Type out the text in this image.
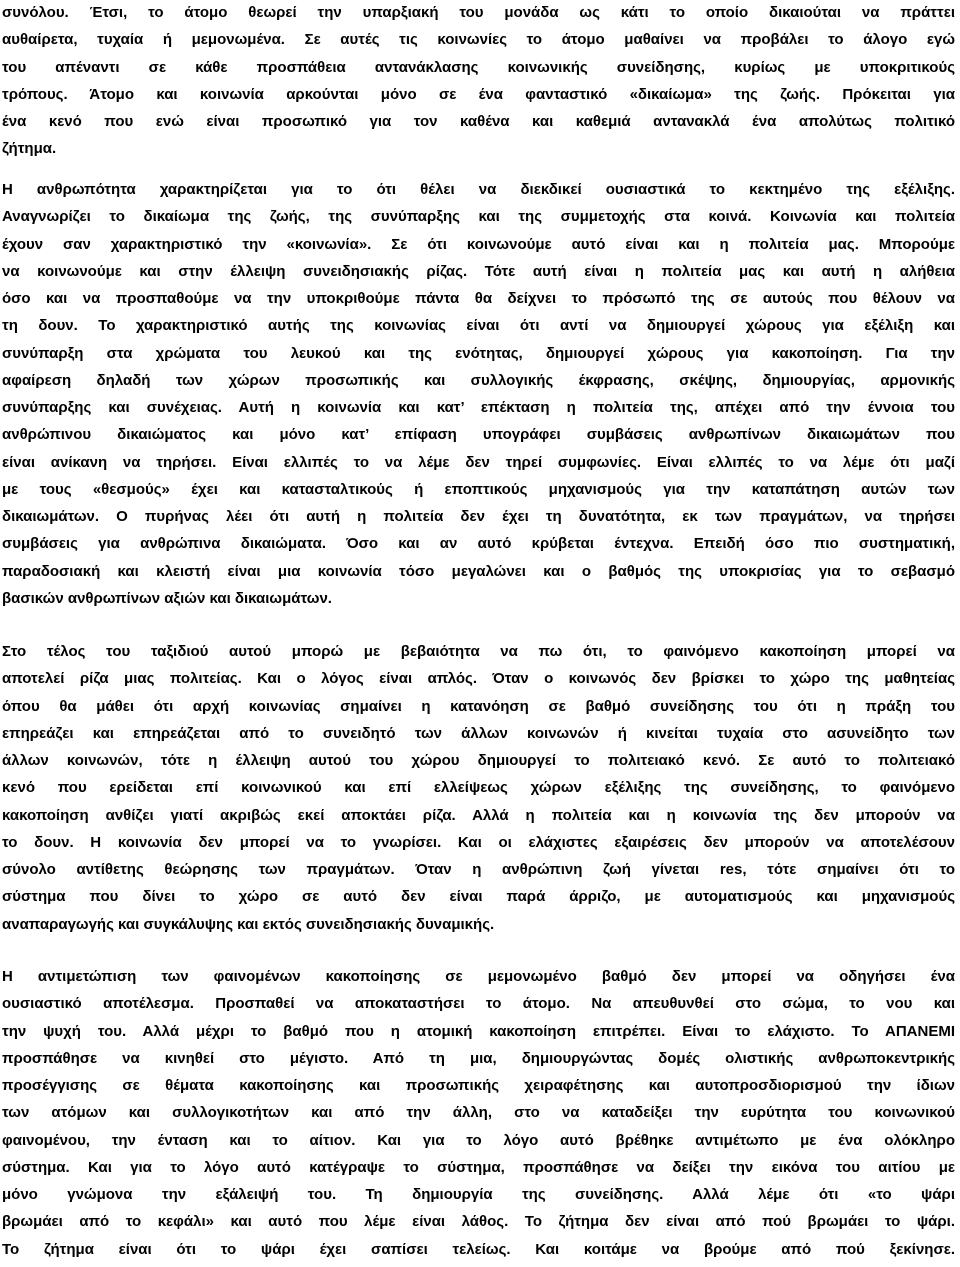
συνόλου. Έτσι, το άτομο θεωρεί την υπαρξιακή του μονάδα ως κάτι το οποίο δικαιούται να πράττει
αυθαίρετα, τυχαία ή μεμονωμένα. Σε αυτές τις κοινωνίες το άτομο μαθαίνει να προβάλει το άλογο εγώ
του απέναντι σε κάθε προσπάθεια αντανάκλασης κοινωνικής συνείδησης, κυρίως με υποκριτικούς
τρόπους. Άτομο και κοινωνία αρκούνται μόνο σε ένα φανταστικό «δικαίωμα» της ζωής. Πρόκειται για
ένα κενό που ενώ είναι προσωπικό για τον καθένα και καθεμιά αντανακλά ένα απολύτως πολιτικό
ζήτημα.
Η ανθρωπότητα χαρακτηρίζεται για το ότι θέλει να διεκδικεί ουσιαστικά το κεκτημένο της εξέλιξης.
Αναγνωρίζει το δικαίωμα της ζωής, της συνύπαρξης και της συμμετοχής στα κοινά. Κοινωνία και πολιτεία
έχουν σαν χαρακτηριστικό την «κοινωνία». Σε ότι κοινωνούμε αυτό είναι και η πολιτεία μας. Μπορούμε
να κοινωνούμε και στην έλλειψη συνειδησιακής ρίζας. Τότε αυτή είναι η πολιτεία μας και αυτή η αλήθεια
όσο και να προσπαθούμε να την υποκριθούμε πάντα θα δείχνει το πρόσωπό της σε αυτούς που θέλουν να
τη δουν. Το χαρακτηριστικό αυτής της κοινωνίας είναι ότι αντί να δημιουργεί χώρους για εξέλιξη και
συνύπαρξη στα χρώματα του λευκού και της ενότητας, δημιουργεί χώρους για κακοποίηση. Για την
αφαίρεση δηλαδή των χώρων προσωπικής και συλλογικής έκφρασης, σκέψης, δημιουργίας, αρμονικής
συνύπαρξης και συνέχειας. Αυτή η κοινωνία και κατ’ επέκταση η πολιτεία της, απέχει από την έννοια του
ανθρώπινου δικαιώματος και μόνο κατ’ επίφαση υπογράφει συμβάσεις ανθρωπίνων δικαιωμάτων που
είναι ανίκανη να τηρήσει. Είναι ελλιπές το να λέμε δεν τηρεί συμφωνίες. Είναι ελλιπές το να λέμε ότι μαζί
με τους «θεσμούς» έχει και κατασταλτικούς ή εποπτικούς μηχανισμούς για την καταπάτηση αυτών των
δικαιωμάτων. Ο πυρήνας λέει ότι αυτή η πολιτεία δεν έχει τη δυνατότητα, εκ των πραγμάτων, να τηρήσει
συμβάσεις για ανθρώπινα δικαιώματα. Όσο και αν αυτό κρύβεται έντεχνα. Επειδή όσο πιο συστηματική,
παραδοσιακή και κλειστή είναι μια κοινωνία τόσο μεγαλώνει και ο βαθμός της υποκρισίας για το σεβασμό
βασικών ανθρωπίνων αξιών και δικαιωμάτων.
Στο τέλος του ταξιδιού αυτού μπορώ με βεβαιότητα να πω ότι, το φαινόμενο κακοποίηση μπορεί να
αποτελεί ρίζα μιας πολιτείας. Και ο λόγος είναι απλός. Όταν ο κοινωνός δεν βρίσκει το χώρο της μαθητείας
όπου θα μάθει ότι αρχή κοινωνίας σημαίνει η κατανόηση σε βαθμό συνείδησης του ότι η πράξη του
επηρεάζει και επηρεάζεται από το συνειδητό των άλλων κοινωνών ή κινείται τυχαία στο ασυνείδητο των
άλλων κοινωνών, τότε η έλλειψη αυτού του χώρου δημιουργεί το πολιτειακό κενό. Σε αυτό το πολιτειακό
κενό που ερείδεται επί κοινωνικού και επί ελλείψεως χώρων εξέλιξης της συνείδησης, το φαινόμενο
κακοποίηση ανθίζει γιατί ακριβώς εκεί αποκτάει ρίζα. Αλλά η πολιτεία και η κοινωνία της δεν μπορούν να
το δουν. Η κοινωνία δεν μπορεί να το γνωρίσει. Και οι ελάχιστες εξαιρέσεις δεν μπορούν να αποτελέσουν
σύνολο αντίθετης θεώρησης των πραγμάτων. Όταν η ανθρώπινη ζωή γίνεται res, τότε σημαίνει ότι το
σύστημα που δίνει το χώρο σε αυτό δεν είναι παρά άρριζο, με αυτοματισμούς και μηχανισμούς
αναπαραγωγής και συγκάλυψης και εκτός συνειδησιακής δυναμικής.
Η αντιμετώπιση των φαινομένων κακοποίησης σε μεμονωμένο βαθμό δεν μπορεί να οδηγήσει ένα
ουσιαστικό αποτέλεσμα. Προσπαθεί να αποκαταστήσει το άτομο. Να απευθυνθεί στο σώμα, το νου και
την ψυχή του. Αλλά μέχρι το βαθμό που η ατομική κακοποίηση επιτρέπει. Είναι το ελάχιστο. Το ΑΠΑΝΕΜΙ
προσπάθησε να κινηθεί στο μέγιστο. Από τη μια, δημιουργώντας δομές ολιστικής ανθρωποκεντρικής
προσέγγισης σε θέματα κακοποίησης και προσωπικής χειραφέτησης και αυτοπροσδιορισμού την ίδιων
των ατόμων και συλλογικοτήτων και από την άλλη, στο να καταδείξει την ευρύτητα του κοινωνικού
φαινομένου, την ένταση και το αίτιον. Και για το λόγο αυτό βρέθηκε αντιμέτωπο με ένα ολόκληρο
σύστημα. Και για το λόγο αυτό κατέγραψε το σύστημα, προσπάθησε να δείξει την εικόνα του αιτίου με
μόνο γνώμονα την εξάλειψή του. Τη δημιουργία της συνείδησης. Αλλά λέμε ότι «το ψάρι
βρωμάει από το κεφάλι» και αυτό που λέμε είναι λάθος. Το ζήτημα δεν είναι από πού βρωμάει το ψάρι.
Το ζήτημα είναι ότι το ψάρι έχει σαπίσει τελείως. Και κοιτάμε να βρούμε από πού ξεκίνησε.
